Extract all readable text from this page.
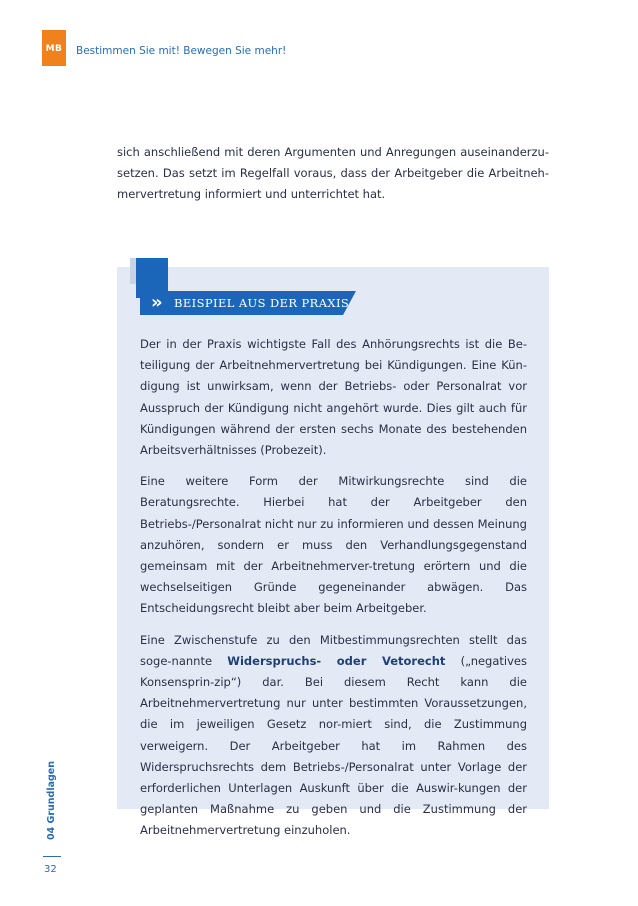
MB	Bestimmen Sie mit! Bewegen Sie mehr!

sich anschließend mit deren Argumenten und Anregungen auseinanderzu-setzen. Das setzt im Regelfall voraus, dass der Arbeitgeber die Arbeitneh-mervertretung informiert und unterrichtet hat.

» BEISPIEL AUS DER PRAXIS

Der in der Praxis wichtigste Fall des Anhörungsrechts ist die Be-teiligung der Arbeitnehmervertretung bei Kündigungen. Eine Kün-digung ist unwirksam, wenn der Betriebs- oder Personalrat vor Ausspruch der Kündigung nicht angehört wurde. Dies gilt auch für Kündigungen während der ersten sechs Monate des bestehenden Arbeitsverhältnisses (Probezeit).

Eine weitere Form der Mitwirkungsrechte sind die Beratungsrechte. Hierbei hat der Arbeitgeber den Betriebs-/Personalrat nicht nur zu informieren und dessen Meinung anzuhören, sondern er muss den Verhandlungsgegenstand gemeinsam mit der Arbeitnehmerver-tretung erörtern und die wechselseitigen Gründe gegeneinander abwägen. Das Entscheidungsrecht bleibt aber beim Arbeitgeber.

Eine Zwischenstufe zu den Mitbestimmungsrechten stellt das soge-nannte Widerspruchs- oder Vetorecht („negatives Konsensprin-zip“) dar. Bei diesem Recht kann die Arbeitnehmervertretung nur unter bestimmten Voraussetzungen, die im jeweiligen Gesetz nor-miert sind, die Zustimmung verweigern. Der Arbeitgeber hat im Rahmen des Widerspruchsrechts dem Betriebs-/Personalrat unter Vorlage der erforderlichen Unterlagen Auskunft über die Auswir-kungen der geplanten Maßnahme zu geben und die Zustimmung der Arbeitnehmervertretung einzuholen.

04 Grundlagen
32
